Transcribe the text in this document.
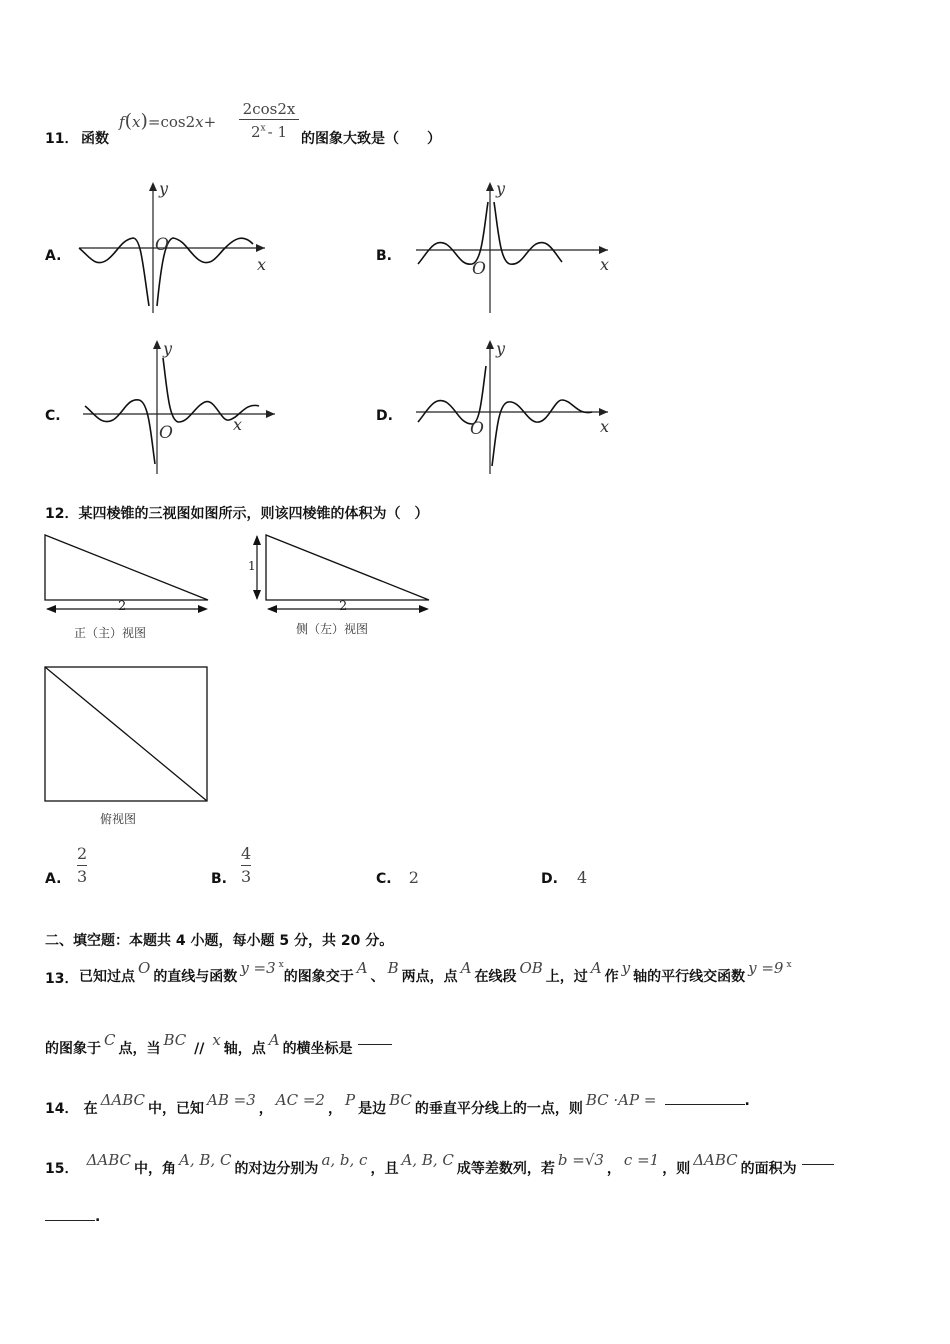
11． 函数
f(x)=cos2x+
2cos2x
2$^x$ - 1	的图象大致是（　　）
A.
O
y
x	B.
O
y
x
C.
O
y
x	D.
O
y
x
12．某四棱锥的三视图如图所示，则该四棱锥的体积为（　）
2
正（主）视图
1
2
侧（左）视图
俯视图
A.
2
3	B.
4
3	C. 2	D. 4
二、填空题：本题共 4 小题，每小题 5 分，共 20 分。
13． 已知过点 O 的直线与函数 y =3 $^x$的图象交于 A 、 B 两点，点 A 在线段 OB 上，过 A 作 y 轴的平行线交函数 y =9 $^x$
的图象于 C 点，当 BC // x 轴，点 A 的横坐标是
14． 在 ΔABC 中，已知 AB =3 ， AC =2 ， P 是边 BC 的垂直平分线上的一点，则 BC ·AP =	.
15． ΔABC 中，角 A, B, C 的对边分别为 a, b, c ，且 A, B, C 成等差数列，若 b =√3 ， c =1 ，则 ΔABC 的面积为
.
